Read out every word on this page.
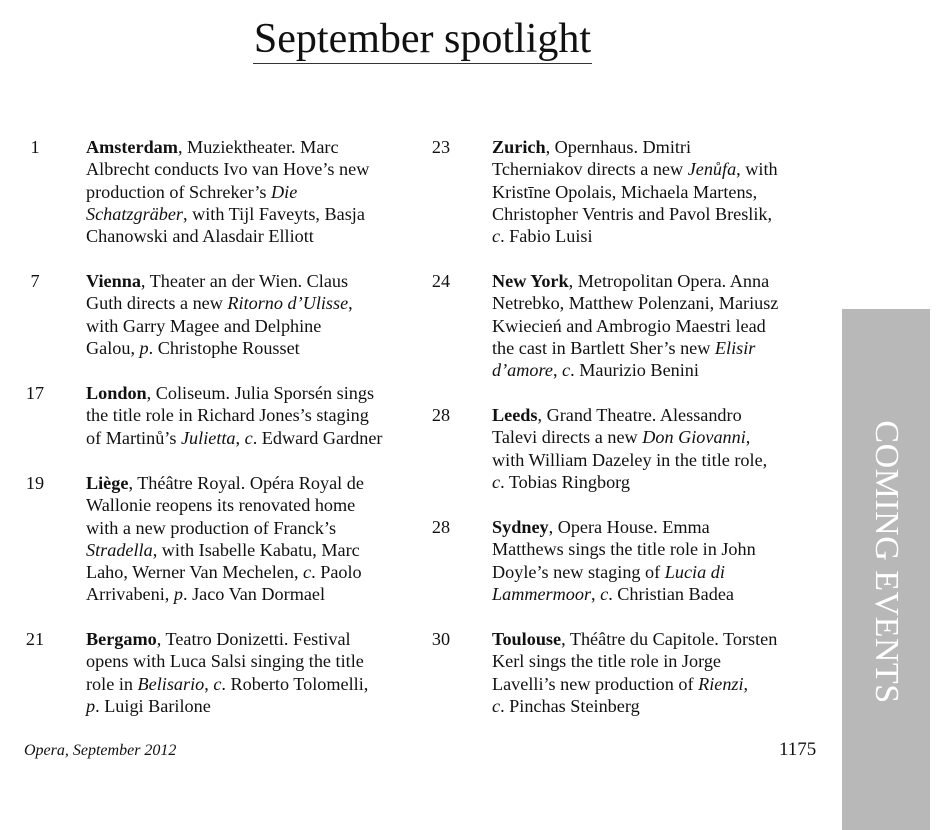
September spotlight
1	Amsterdam, Muziektheater. Marc

Albrecht conducts Ivo van Hove’s new

production of Schreker’s Die

Schatzgräber, with Tijl Faveyts, Basja

Chanowski and Alasdair Elliott

7	Vienna, Theater an der Wien. Claus

Guth directs a new Ritorno d’Ulisse,

with Garry Magee and Delphine

Galou, p. Christophe Rousset

17 London, Coliseum. Julia Sporsén sings

the title role in Richard Jones’s staging

of Martinů’s Julietta, c. Edward Gardner

19 Liège, Théâtre Royal. Opéra Royal de

Wallonie reopens its renovated home

with a new production of Franck’s

Stradella, with Isabelle Kabatu, Marc

Laho, Werner Van Mechelen, c. Paolo

Arrivabeni, p. Jaco Van Dormael

21 Bergamo, Teatro Donizetti. Festival

opens with Luca Salsi singing the title

role in Belisario, c. Roberto Tolomelli,

p. Luigi Barilone

23 Zurich, Opernhaus. Dmitri

Tcherniakov directs a new Jenůfa, with

Kristīne Opolais, Michaela Martens,

Christopher Ventris and Pavol Breslik,

c. Fabio Luisi

24 New York, Metropolitan Opera. Anna

Netrebko, Matthew Polenzani, Mariusz

Kwiecień and Ambrogio Maestri lead

the cast in Bartlett Sher’s new Elisir

d’amore, c. Maurizio Benini

28 Leeds, Grand Theatre. Alessandro

Talevi directs a new Don Giovanni,

with William Dazeley in the title role,

c. Tobias Ringborg

28 Sydney, Opera House. Emma

Matthews sings the title role in John

Doyle’s new staging of Lucia di

Lammermoor, c. Christian Badea

30 Toulouse, Théâtre du Capitole. Torsten

Kerl sings the title role in Jorge

Lavelli’s new production of Rienzi,

c. Pinchas Steinberg

Opera, September 2012	1175
COMING EVENTS
